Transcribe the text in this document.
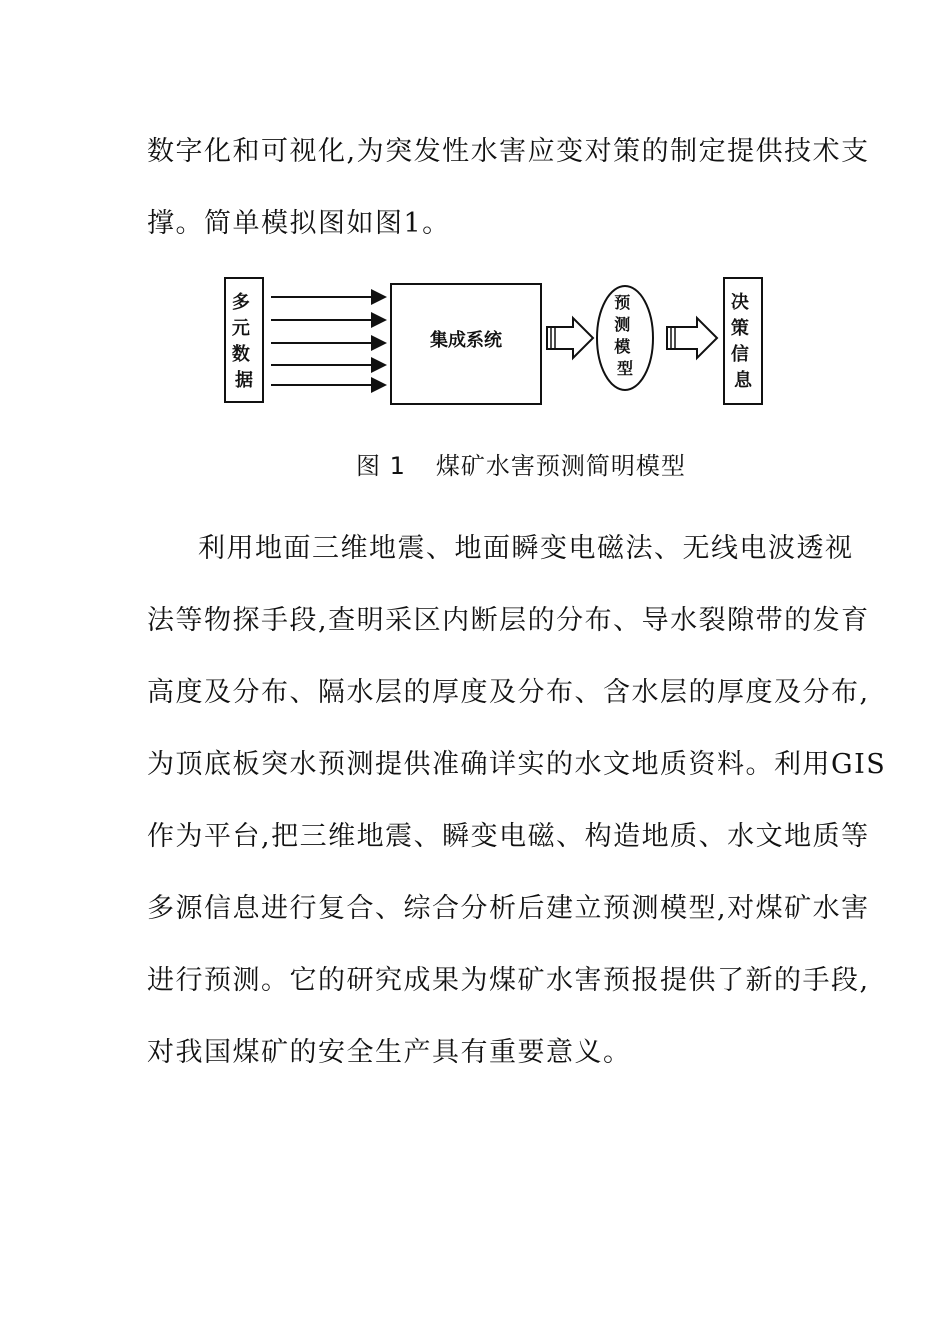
数字化和可视化,为突发性水害应变对策的制定提供技术支
撑。简单模拟图如图1。
多 元 数 据
集成系统
预 测 模 型
决 策 信 息
图 1 煤矿水害预测简明模型
利用地面三维地震、地面瞬变电磁法、无线电波透视
法等物探手段,查明采区内断层的分布、导水裂隙带的发育
高度及分布、隔水层的厚度及分布、含水层的厚度及分布,
为顶底板突水预测提供准确详实的水文地质资料。利用GIS
作为平台,把三维地震、瞬变电磁、构造地质、水文地质等
多源信息进行复合、综合分析后建立预测模型,对煤矿水害
进行预测。它的研究成果为煤矿水害预报提供了新的手段,
对我国煤矿的安全生产具有重要意义。
